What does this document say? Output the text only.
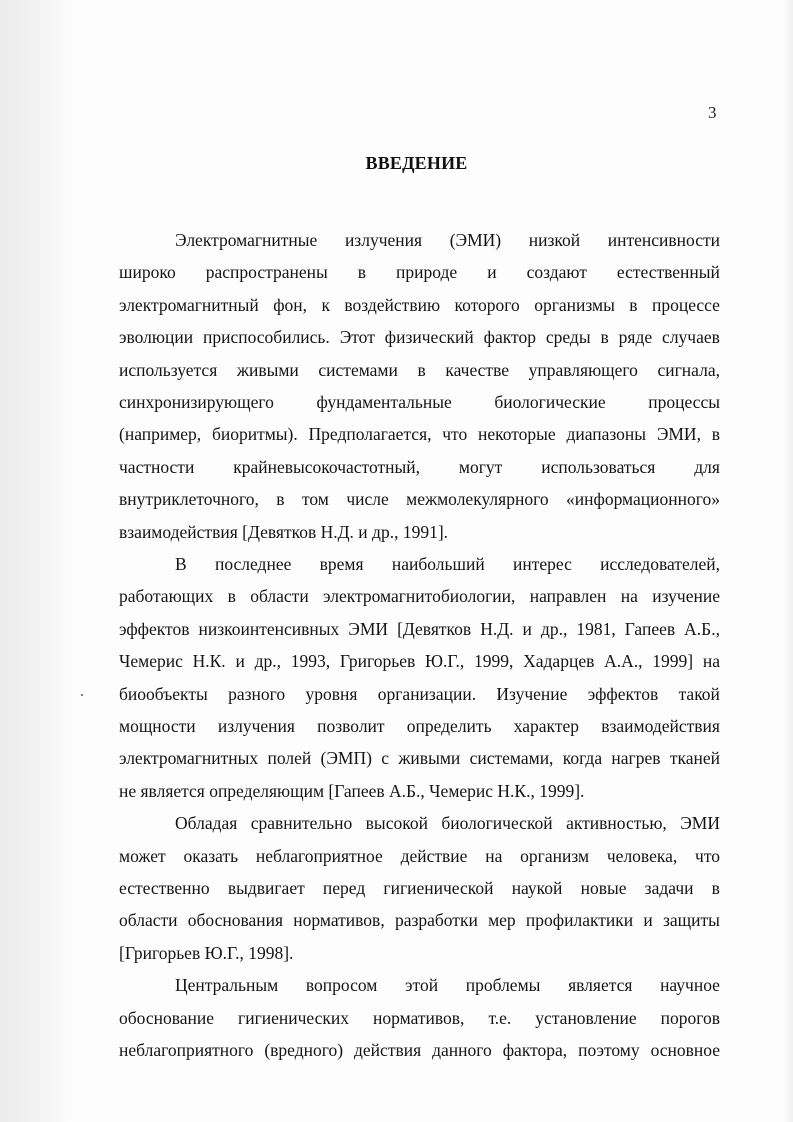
3
ВВЕДЕНИЕ
Электромагнитные излучения (ЭМИ) низкой интенсивности
широко распространены в природе и создают естественный
электромагнитный фон, к воздействию которого организмы в процессе
эволюции приспособились. Этот физический фактор среды в ряде случаев
используется живыми системами в качестве управляющего сигнала,
синхронизирующего фундаментальные биологические процессы
(например, биоритмы). Предполагается, что некоторые диапазоны ЭМИ, в
частности крайневысокочастотный, могут использоваться для
внутриклеточного, в том числе межмолекулярного «информационного»
взаимодействия [Девятков Н.Д. и др., 1991].
В последнее время наибольший интерес исследователей,
работающих в области электромагнитобиологии, направлен на изучение
эффектов низкоинтенсивных ЭМИ [Девятков Н.Д. и др., 1981, Гапеев А.Б.,
Чемерис Н.К. и др., 1993, Григорьев Ю.Г., 1999, Хадарцев А.А., 1999] на
биообъекты разного уровня организации. Изучение эффектов такой
мощности излучения позволит определить характер взаимодействия
электромагнитных полей (ЭМП) с живыми системами, когда нагрев тканей
не является определяющим [Гапеев А.Б., Чемерис Н.К., 1999].
Обладая сравнительно высокой биологической активностью, ЭМИ
может оказать неблагоприятное действие на организм человека, что
естественно выдвигает перед гигиенической наукой новые задачи в
области обоснования нормативов, разработки мер профилактики и защиты
[Григорьев Ю.Г., 1998].
Центральным вопросом этой проблемы является научное
обоснование гигиенических нормативов, т.е. установление порогов
неблагоприятного (вредного) действия данного фактора, поэтому основное
